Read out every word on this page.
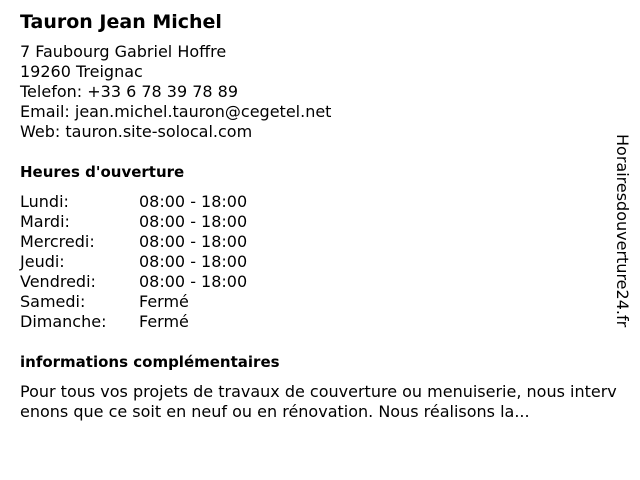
Tauron Jean Michel
7 Faubourg Gabriel Hoffre
19260 Treignac
Telefon: +33 6 78 39 78 89
Email: jean.michel.tauron@cegetel.net
Web: tauron.site-solocal.com
Heures d'ouverture
Lundi:	08:00 - 18:00
Mardi:	08:00 - 18:00
Mercredi:	08:00 - 18:00
Jeudi:	08:00 - 18:00
Vendredi:	08:00 - 18:00
Samedi:	Fermé
Dimanche:	Fermé
informations complémentaires
Pour tous vos projets de travaux de couverture ou menuiserie, nous interveno​ns que ce soit en neuf ou en rénovation. Nous réalisons la...
Horairesdouverture24.fr
